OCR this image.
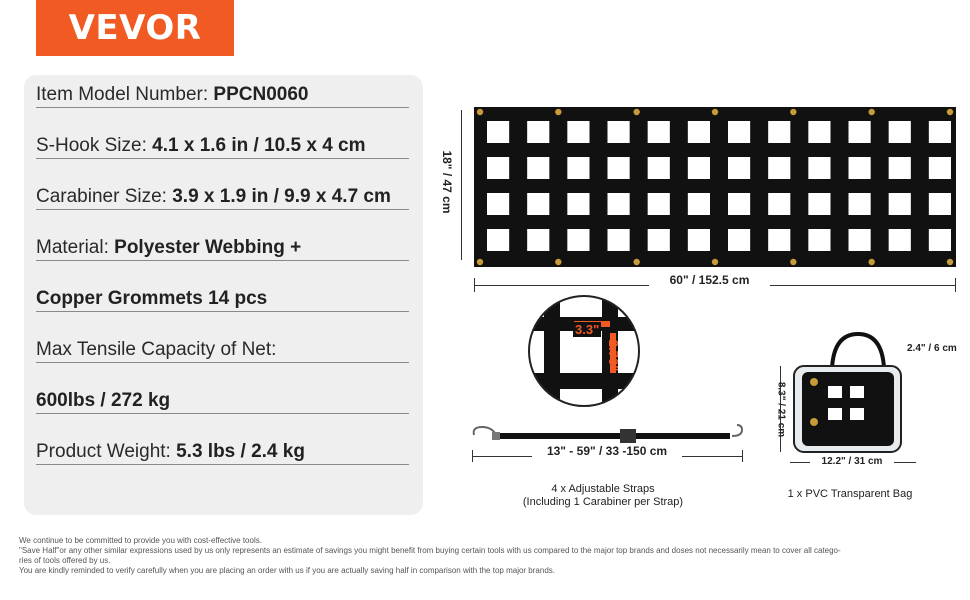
VEVOR
Item Model Number: PPCN0060
S-Hook Size: 4.1 x 1.6 in / 10.5 x 4 cm
Carabiner Size: 3.9 x 1.9 in / 9.9 x 4.7 cm
Material: Polyester Webbing +
Copper Grommets 14 pcs
Max Tensile Capacity of Net:
600lbs / 272 kg
Product Weight: 5.3 lbs / 2.4 kg
18" / 47 cm
60" / 152.5 cm
3.3"
2.76"
13" - 59" / 33 -150 cm
4 x Adjustable Straps
(Including 1 Carabiner per Strap)
2.4" / 6 cm
8.3" / 21 cm
12.2" / 31 cm
1 x PVC Transparent Bag

We continue to be committed to provide you with cost-effective tools.

"Save Half"or any other similar expressions used by us only represents an estimate of savings you might benefit from buying certain tools with us compared to the major top brands and doses not necessarily mean to cover all catego-

ries of tools offered by us.

You are kindly reminded to verify carefully when you are placing an order with us if you are actually saving half in comparison with the top major brands.
